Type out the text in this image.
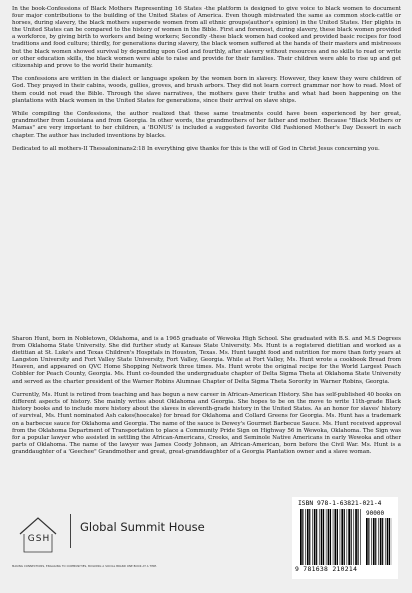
In the book-Confessions of Black Mothers Representing 16 States -the platform is designed to give voice to black women to document four major contributions to the building of the United States of America. Even though mistreated the same as common stock-cattle or horses, during slavery, the black mothers supersede women from all ethnic groups(author's opinion) in the United States. Her plights in the United States can be compared to the history of women in the Bible. First and foremost, during slavery, these black women provided a workforce, by giving birth to workers and being workers; Secondly -these black women had cooked and provided basic recipes for food traditions and food culture; thirdly, for generations during slavery, the black women suffered at the hands of their masters and mistresses but the black women showed survival by depending upon God and fourthly, after slavery without resources and no skills to read or write or other education skills, the black women were able to raise and provide for their families. Their children were able to rise up and get citizenship and prove to the world their humanity.

The confessions are written in the dialect or language spoken by the women born in slavery. However, they knew they were children of God. They prayed in their cabins, woods, gullies, groves, and brush arbors. They did not learn correct grammar nor how to read. Most of them could not read the Bible. Through the slave narratives, the mothers gave their truths and what had been happening on the plantations with black women in the United States for generations, since their arrival on slave ships.

While compiling the Confessions, the author realized that these same treatments could have been experienced by her great, grandmother from Louisiana and from Georgia. In other words, the grandmothers of her father and mother. Because "Black Mothers or Mamas" are very important to her children, a 'BONUS' is included a suggested favorite Old Fashioned Mother's Day Dessert in each chapter. The author has included inventions by blacks.

Dedicated to all mothers-II Thessaloninans2:18 In everything give thanks for this is the will of God in Christ Jesus concerning you.

Sharon Hunt, born in Nobletown, Oklahoma, and is a 1965 graduate of Wewoka High School. She graduated with B.S. and M.S Degrees from Oklahoma State University. She did further study at Kansas State University. Ms. Hunt is a registered dietitian and worked as a dietitian at St. Luke's and Texas Children's Hospitals in Houston, Texas. Ms. Hunt taught food and nutrition for more than forty years at Langston University and Fort Valley State University, Fort Valley, Georgia. While at Fort Valley, Ms. Hunt wrote a cookbook Bread from Heaven, and appeared on QVC Home Shopping Network three times. Ms. Hunt wrote the original recipe for the World Largest Peach Cobbler for Peach County, Georgia. Ms. Hunt co-founded the undergraduate chapter of Delta Sigma Theta at Oklahoma State University and served as the charter president of the Warner Robins Alumnae Chapter of Delta Sigma Theta Sorority in Warner Robins, Georgia.

Currently, Ms. Hunt is retired from teaching and has begun a new career in African-American History. She has self-published 40 books on different aspects of history. She mainly writes about Oklahoma and Georgia. She hopes to be on the move to write 11th-grade Black history books and to include more history about the slaves in eleventh-grade history in the United States. As an honor for slaves' history of survival, Ms. Hunt nominated Ash cakes(hoecake) for bread for Oklahoma and Collard Greens for Georgia. Ms. Hunt has a trademark on a barbecue sauce for Oklahoma and Georgia. The name of the sauce is Dewey's Gourmet Barbecue Sauce. Ms. Hunt received approval from the Oklahoma Department of Transportation to place a Community Pride Sign on Highway 56 in Wewoka, Oklahoma. The Sign was for a popular lawyer who assisted in settling the African-Americans, Creeks, and Seminole Native Americans in early Wewoka and other parts of Oklahoma. The name of the lawyer was James Coody Johnson, an African-American, born before the Civil War. Ms. Hunt is a granddaughter of a 'Geechee" Grandmother and great, great-granddaughter of a Georgia Plantation owner and a slave woman.

GSH
Global Summit House
MAKING CONNECTIONS, ENGAGING TO COMMUNITIES, BUILDING A SOCIAL BRAND ONE BOOK AT A TIME.
ISBN 978-1-63821-021-4
90000
9 781638 210214
